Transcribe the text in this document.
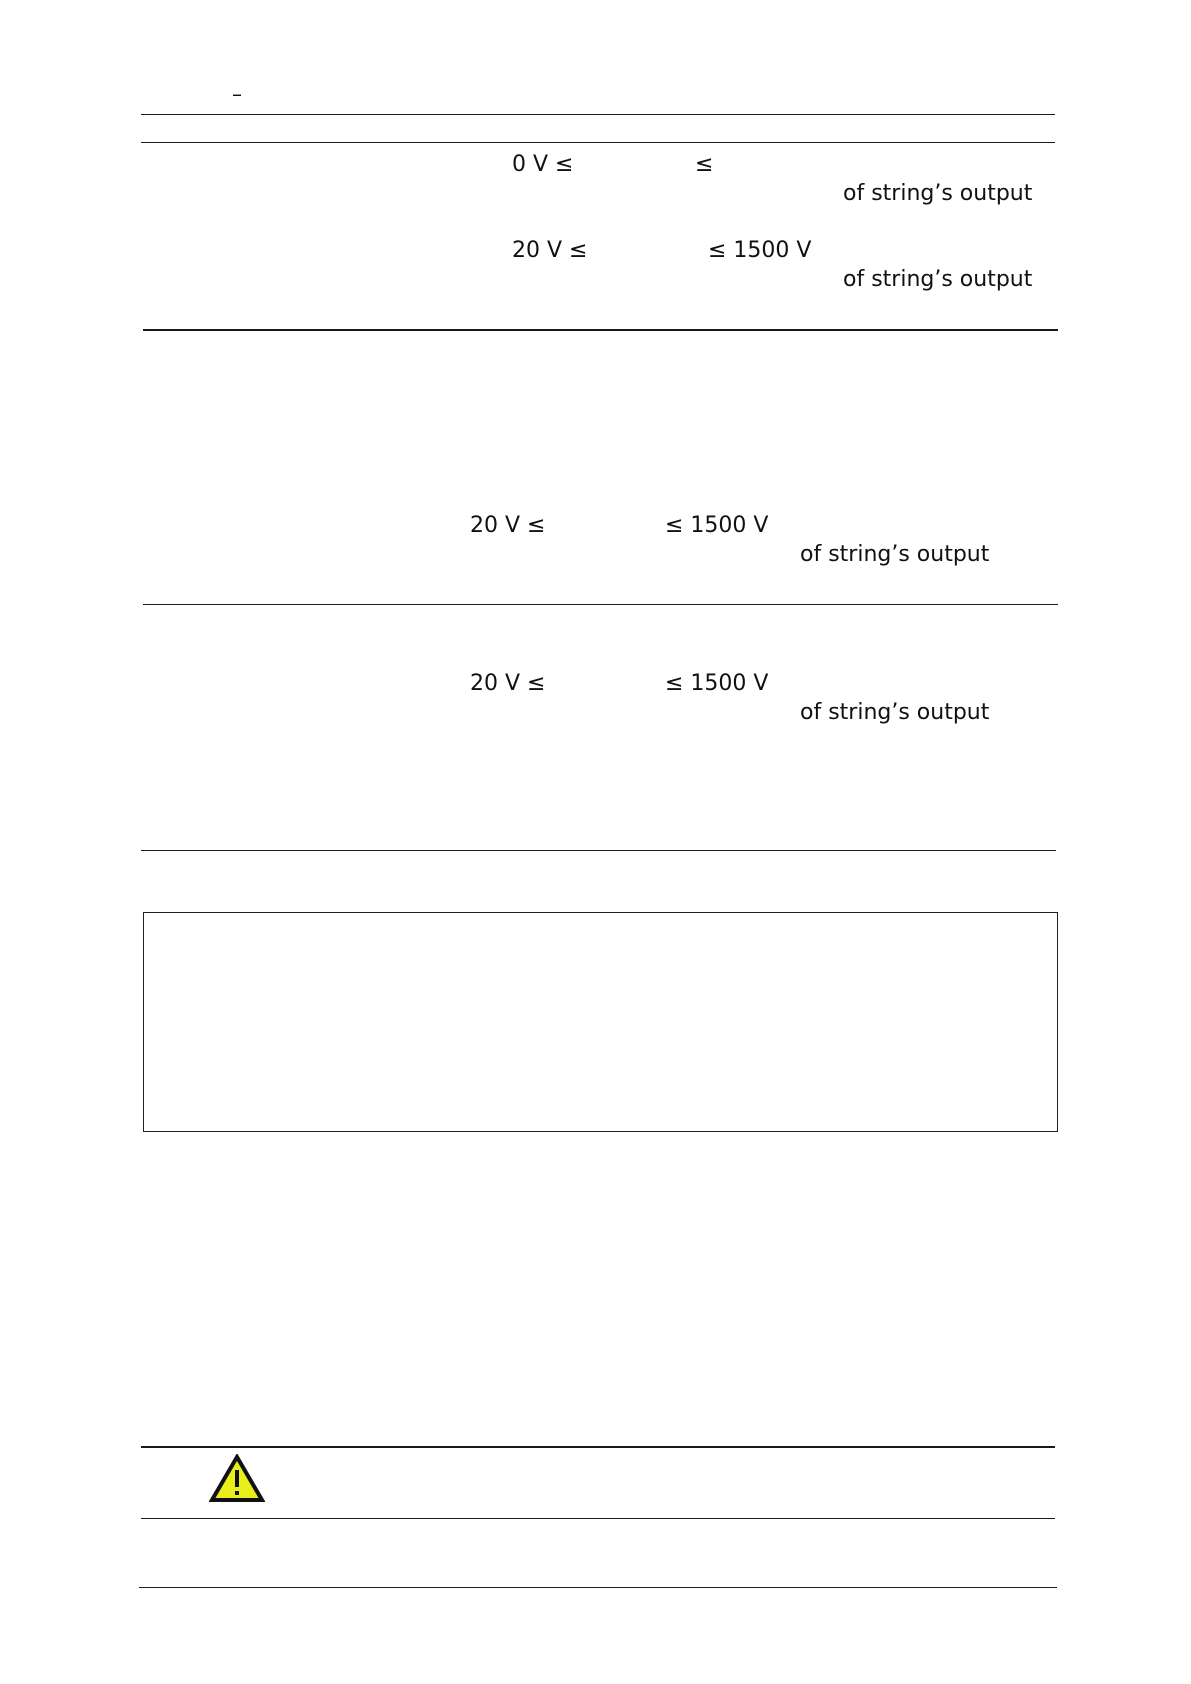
–
0 V ≤	≤
of string’s output
20 V ≤	≤ 1500 V
of string’s output
20 V ≤	≤ 1500 V
of string’s output
20 V ≤	≤ 1500 V
of string’s output
